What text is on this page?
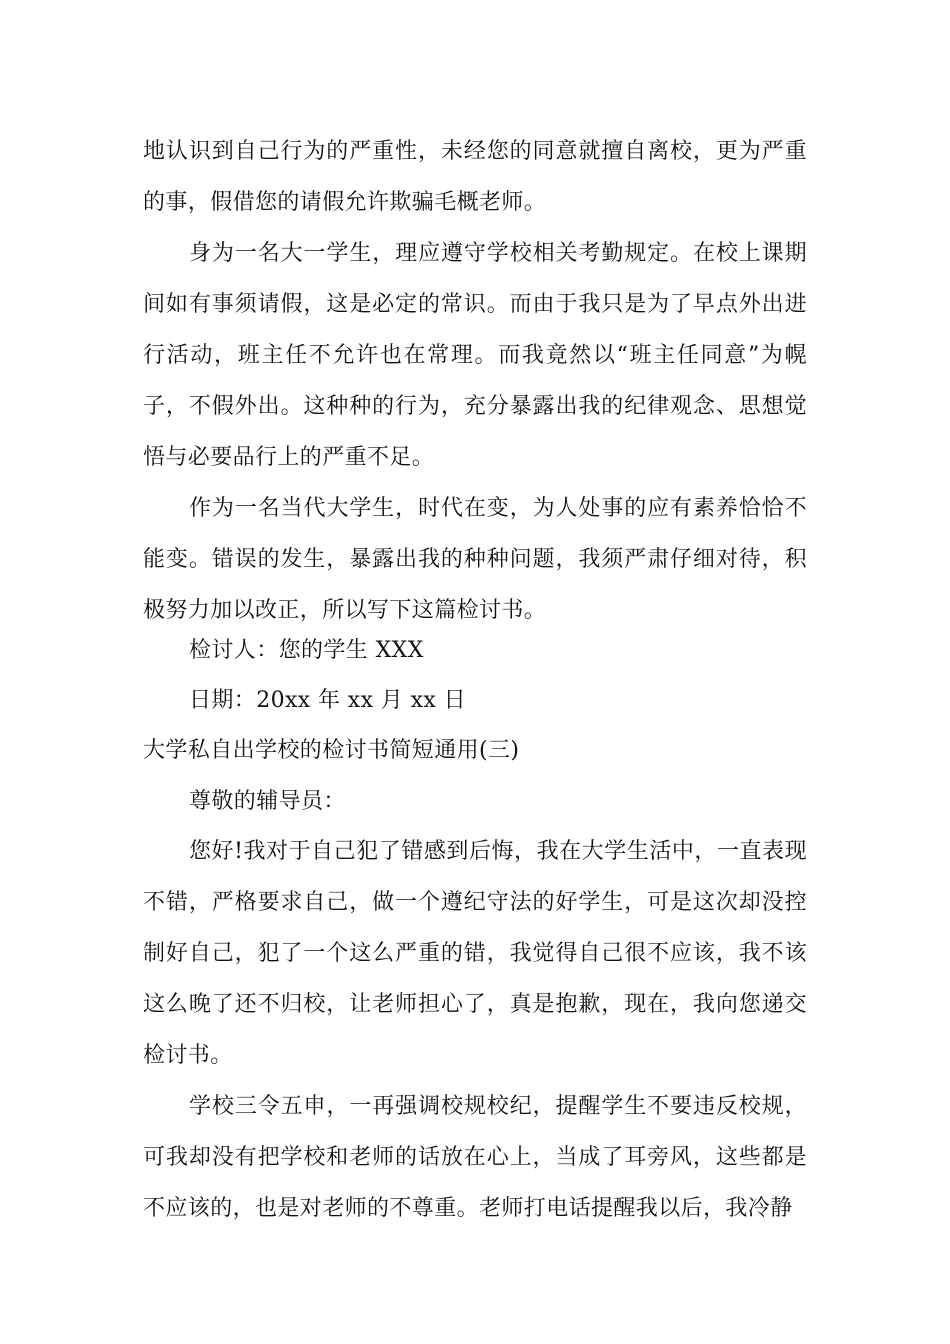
地认识到自己行为的严重性，未经您的同意就擅自离校，更为严重的事，假借您的请假允许欺骗毛概老师。

身为一名大一学生，理应遵守学校相关考勤规定。在校上课期间如有事须请假，这是必定的常识。而由于我只是为了早点外出进行活动，班主任不允许也在常理。而我竟然以“班主任同意”为幌子，不假外出。这种种的行为，充分暴露出我的纪律观念、思想觉悟与必要品行上的严重不足。

作为一名当代大学生，时代在变，为人处事的应有素养恰恰不能变。错误的发生，暴露出我的种种问题，我须严肃仔细对待，积极努力加以改正，所以写下这篇检讨书。

检讨人：您的学生 XXX

日期：20xx 年 xx 月 xx 日

大学私自出学校的检讨书简短通用(三)

尊敬的辅导员：

您好!我对于自己犯了错感到后悔，我在大学生活中，一直表现不错，严格要求自己，做一个遵纪守法的好学生，可是这次却没控制好自己，犯了一个这么严重的错，我觉得自己很不应该，我不该这么晚了还不归校，让老师担心了，真是抱歉，现在，我向您递交检讨书。

学校三令五申，一再强调校规校纪，提醒学生不要违反校规，可我却没有把学校和老师的话放在心上，当成了耳旁风，这些都是不应该的，也是对老师的不尊重。老师打电话提醒我以后，我冷静
